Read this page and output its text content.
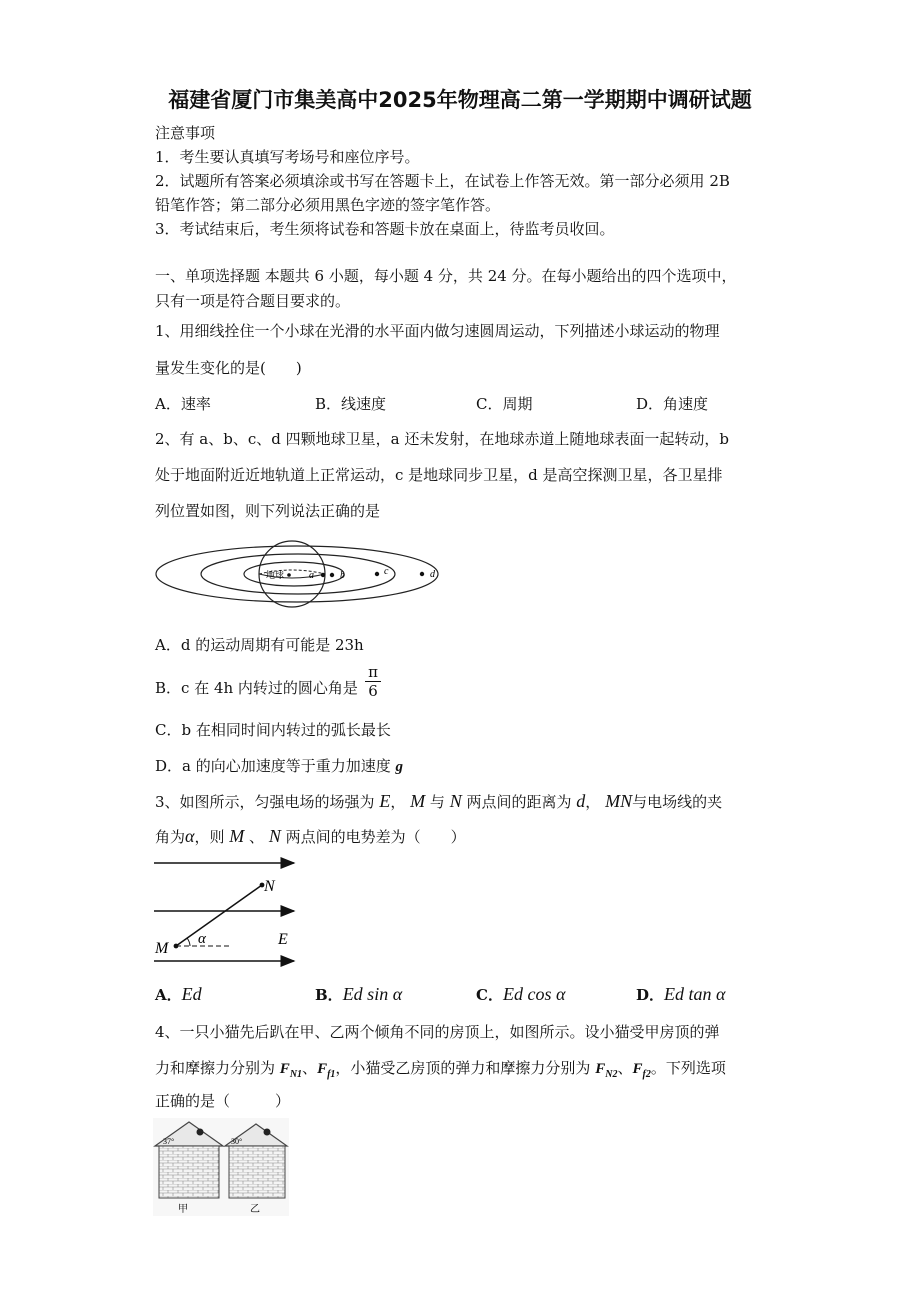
福建省厦门市集美高中2025年物理高二第一学期期中调研试题
注意事项
1．考生要认真填写考场号和座位序号。
2．试题所有答案必须填涂或书写在答题卡上，在试卷上作答无效。第一部分必须用 2B
铅笔作答；第二部分必须用黑色字迹的签字笔作答。
3．考试结束后，考生须将试卷和答题卡放在桌面上，待监考员收回。
一、单项选择题 本题共 6 小题，每小题 4 分，共 24 分。在每小题给出的四个选项中，
只有一项是符合题目要求的。
1、用细线拴住一个小球在光滑的水平面内做匀速圆周运动，下列描述小球运动的物理
量发生变化的是(　　)
A．速率	B．线速度	C．周期	D．角速度
2、有 a、b、c、d 四颗地球卫星，a 还未发射，在地球赤道上随地球表面一起转动，b
处于地面附近近地轨道上正常运动，c 是地球同步卫星，d 是高空探测卫星，各卫星排
列位置如图，则下列说法正确的是
地球 a	b	c	d
A．d 的运动周期有可能是 23h
B．c 在 4h 内转过的圆心角是 $\frac{\pi}{6}$
C．b 在相同时间内转过的弧长最长
D．a 的向心加速度等于重力加速度 g
3、如图所示，匀强电场的场强为 E， M 与 N 两点间的距离为 d， MN与电场线的夹
角为α，则 M 、 N 两点间的电势差为（　　）
M
N
α	E
A．Ed	B．Ed sin α	C．Ed cos α	D．Ed tan α
4、一只小猫先后趴在甲、乙两个倾角不同的房顶上，如图所示。设小猫受甲房顶的弹
力和摩擦力分别为 $F_{N1}$、$F_{f1}$，小猫受乙房顶的弹力和摩擦力分别为 $F_{N2}$、$F_{f2}$。下列选项
正确的是（　　　）
37°	30°
甲	乙
